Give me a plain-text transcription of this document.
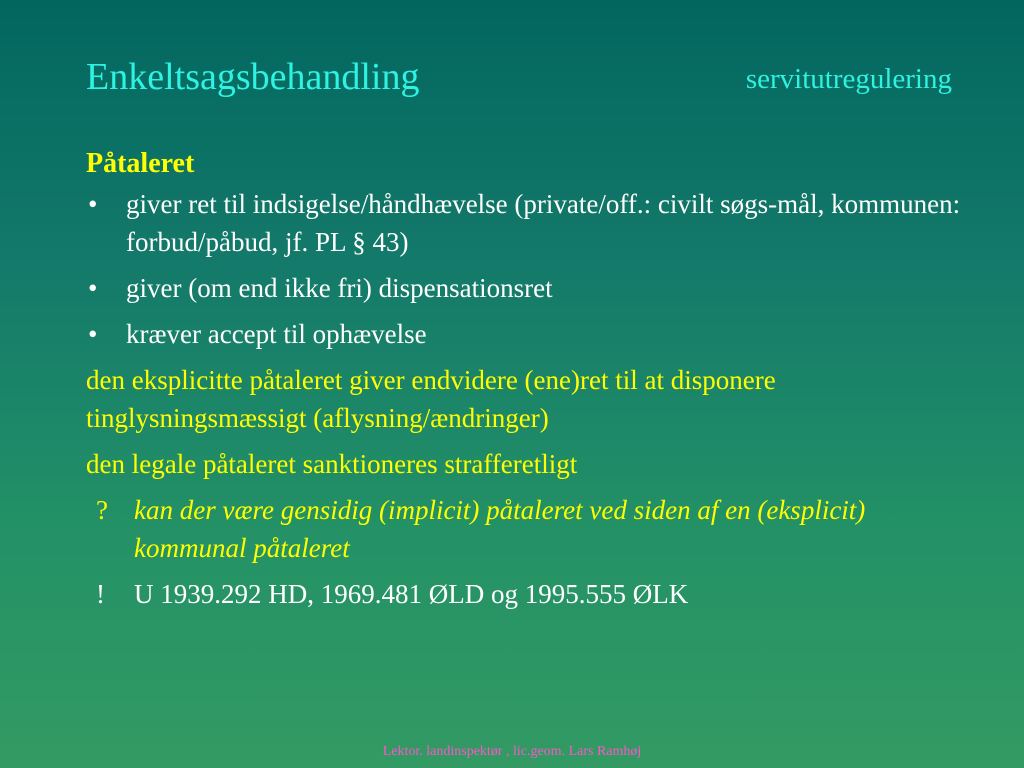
Enkeltsagsbehandling	servitutregulering
Påtaleret
•	giver ret til indsigelse/håndhævelse (private/off.: civilt søgs-mål, kommunen: forbud/påbud, jf. PL § 43)
•	giver (om end ikke fri) dispensationsret
•	kræver accept til ophævelse
den eksplicitte påtaleret giver endvidere (ene)ret til at disponere tinglysningsmæssigt (aflysning/ændringer)
den legale påtaleret sanktioneres strafferetligt
? kan der være gensidig (implicit) påtaleret ved siden af en (eksplicit) kommunal påtaleret
!	U 1939.292 HD, 1969.481 ØLD og 1995.555 ØLK
Lektor. landinspektør , lic.geom. Lars Ramhøj
